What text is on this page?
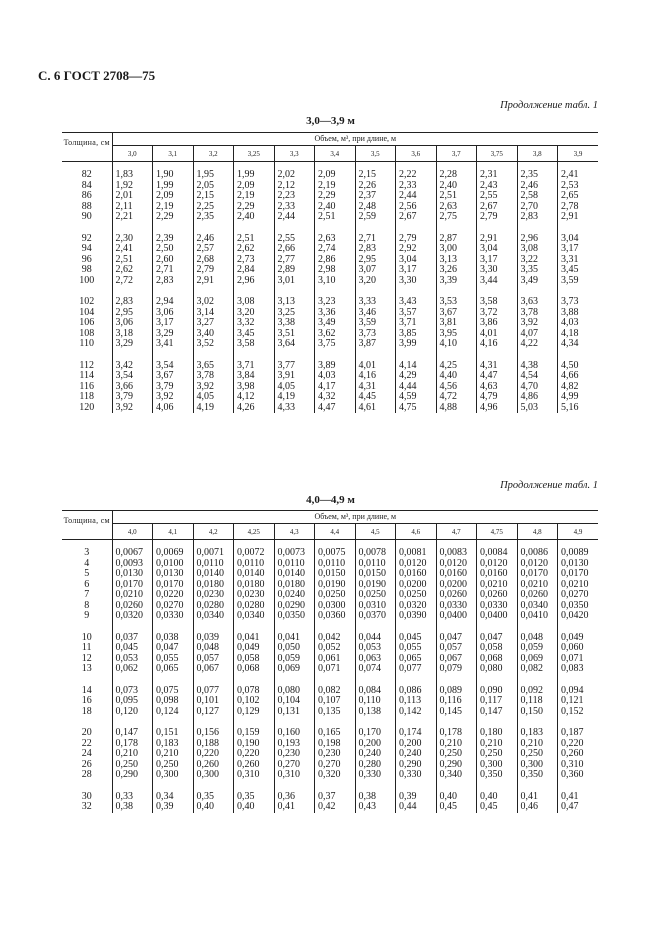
С. 6 ГОСТ 2708—75
Продолжение табл. 1
3,0—3,9 м
Толщина, см	Объем, м³, при длине, м											
	3,0	3,1	3,2	3,25	3,3	3,4	3,5	3,6	3,7	3,75	3,8	3,9
82	1,83	1,90	1,95	1,99	2,02	2,09	2,15	2,22	2,28	2,31	2,35	2,41
84	1,92	1,99	2,05	2,09	2,12	2,19	2,26	2,33	2,40	2,43	2,46	2,53
86	2,01	2,09	2,15	2,19	2,23	2,29	2,37	2,44	2,51	2,55	2,58	2,65
88	2,11	2,19	2,25	2,29	2,33	2,40	2,48	2,56	2,63	2,67	2,70	2,78
90	2,21	2,29	2,35	2,40	2,44	2,51	2,59	2,67	2,75	2,79	2,83	2,91

92	2,30	2,39	2,46	2,51	2,55	2,63	2,71	2,79	2,87	2,91	2,96	3,04
94	2,41	2,50	2,57	2,62	2,66	2,74	2,83	2,92	3,00	3,04	3,08	3,17
96	2,51	2,60	2,68	2,73	2,77	2,86	2,95	3,04	3,13	3,17	3,22	3,31
98	2,62	2,71	2,79	2,84	2,89	2,98	3,07	3,17	3,26	3,30	3,35	3,45
100	2,72	2,83	2,91	2,96	3,01	3,10	3,20	3,30	3,39	3,44	3,49	3,59

102	2,83	2,94	3,02	3,08	3,13	3,23	3,33	3,43	3,53	3,58	3,63	3,73
104	2,95	3,06	3,14	3,20	3,25	3,36	3,46	3,57	3,67	3,72	3,78	3,88
106	3,06	3,17	3,27	3,32	3,38	3,49	3,59	3,71	3,81	3,86	3,92	4,03
108	3,18	3,29	3,40	3,45	3,51	3,62	3,73	3,85	3,95	4,01	4,07	4,18
110	3,29	3,41	3,52	3,58	3,64	3,75	3,87	3,99	4,10	4,16	4,22	4,34

112	3,42	3,54	3,65	3,71	3,77	3,89	4,01	4,14	4,25	4,31	4,38	4,50
114	3,54	3,67	3,78	3,84	3,91	4,03	4,16	4,29	4,40	4,47	4,54	4,66
116	3,66	3,79	3,92	3,98	4,05	4,17	4,31	4,44	4,56	4,63	4,70	4,82
118	3,79	3,92	4,05	4,12	4,19	4,32	4,45	4,59	4,72	4,79	4,86	4,99
120	3,92	4,06	4,19	4,26	4,33	4,47	4,61	4,75	4,88	4,96	5,03	5,16
Продолжение табл. 1
4,0—4,9 м
Толщина, см	Объем, м³, при длине, м											
	4,0	4,1	4,2	4,25	4,3	4,4	4,5	4,6	4,7	4,75	4,8	4,9
3	0,0067	0,0069	0,0071	0,0072	0,0073	0,0075	0,0078	0,0081	0,0083	0,0084	0,0086	0,0089
4	0,0093	0,0100	0,0110	0,0110	0,0110	0,0110	0,0110	0,0120	0,0120	0,0120	0,0120	0,0130
5	0,0130	0,0130	0,0140	0,0140	0,0140	0,0150	0,0150	0,0160	0,0160	0,0160	0,0170	0,0170
6	0,0170	0,0170	0,0180	0,0180	0,0180	0,0190	0,0190	0,0200	0,0200	0,0210	0,0210	0,0210
7	0,0210	0,0220	0,0230	0,0230	0,0240	0,0250	0,0250	0,0250	0,0260	0,0260	0,0260	0,0270
8	0,0260	0,0270	0,0280	0,0280	0,0290	0,0300	0,0310	0,0320	0,0330	0,0330	0,0340	0,0350
9	0,0320	0,0330	0,0340	0,0340	0,0350	0,0360	0,0370	0,0390	0,0400	0,0400	0,0410	0,0420

10	0,037	0,038	0,039	0,041	0,041	0,042	0,044	0,045	0,047	0,047	0,048	0,049
11	0,045	0,047	0,048	0,049	0,050	0,052	0,053	0,055	0,057	0,058	0,059	0,060
12	0,053	0,055	0,057	0,058	0,059	0,061	0,063	0,065	0,067	0,068	0,069	0,071
13	0,062	0,065	0,067	0,068	0,069	0,071	0,074	0,077	0,079	0,080	0,082	0,083

14	0,073	0,075	0,077	0,078	0,080	0,082	0,084	0,086	0,089	0,090	0,092	0,094
16	0,095	0,098	0,101	0,102	0,104	0,107	0,110	0,113	0,116	0,117	0,118	0,121
18	0,120	0,124	0,127	0,129	0,131	0,135	0,138	0,142	0,145	0,147	0,150	0,152

20	0,147	0,151	0,156	0,159	0,160	0,165	0,170	0,174	0,178	0,180	0,183	0,187
22	0,178	0,183	0,188	0,190	0,193	0,198	0,200	0,200	0,210	0,210	0,210	0,220
24	0,210	0,210	0,220	0,220	0,230	0,230	0,240	0,240	0,250	0,250	0,250	0,260
26	0,250	0,250	0,260	0,260	0,270	0,270	0,280	0,290	0,290	0,300	0,300	0,310
28	0,290	0,300	0,300	0,310	0,310	0,320	0,330	0,330	0,340	0,350	0,350	0,360

30	0,33	0,34	0,35	0,35	0,36	0,37	0,38	0,39	0,40	0,40	0,41	0,41
32	0,38	0,39	0,40	0,40	0,41	0,42	0,43	0,44	0,45	0,45	0,46	0,47
